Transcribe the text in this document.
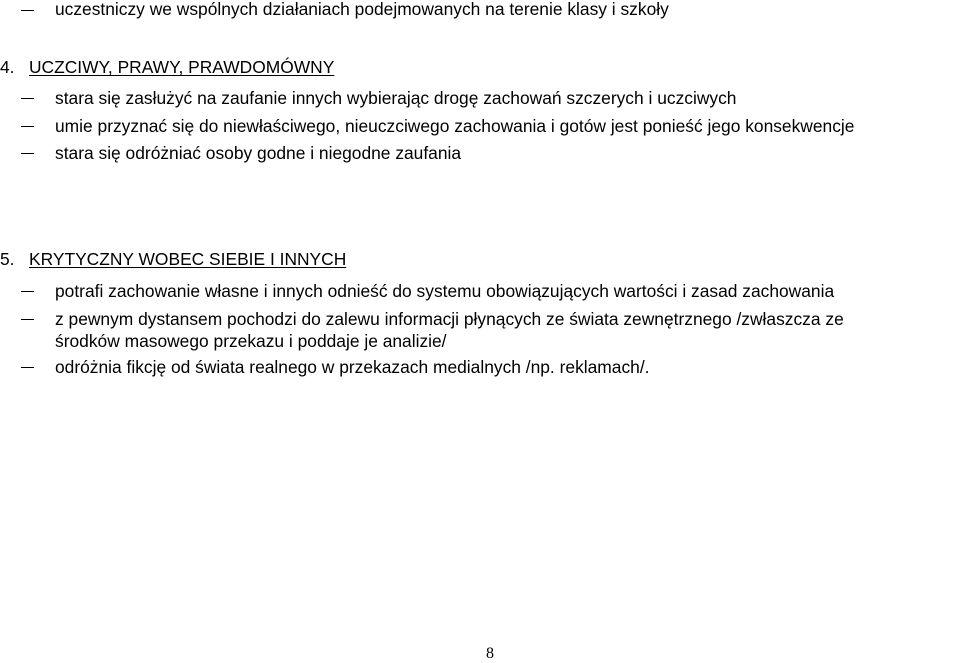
uczestniczy we wspólnych działaniach podejmowanych na terenie klasy i szkoły
4. UCZCIWY, PRAWY, PRAWDOMÓWNY
stara się zasłużyć na zaufanie innych wybierając drogę zachowań szczerych i uczciwych
umie przyznać się do niewłaściwego, nieuczciwego zachowania i gotów jest ponieść jego konsekwencje
stara się odróżniać osoby godne i niegodne zaufania
5. KRYTYCZNY WOBEC SIEBIE I INNYCH
potrafi zachowanie własne i innych odnieść do systemu obowiązujących wartości i zasad zachowania
z pewnym dystansem pochodzi do zalewu informacji płynących ze świata zewnętrznego /zwłaszcza ze
środków masowego przekazu i poddaje je analizie/
odróżnia fikcję od świata realnego w przekazach medialnych /np. reklamach/.
8
